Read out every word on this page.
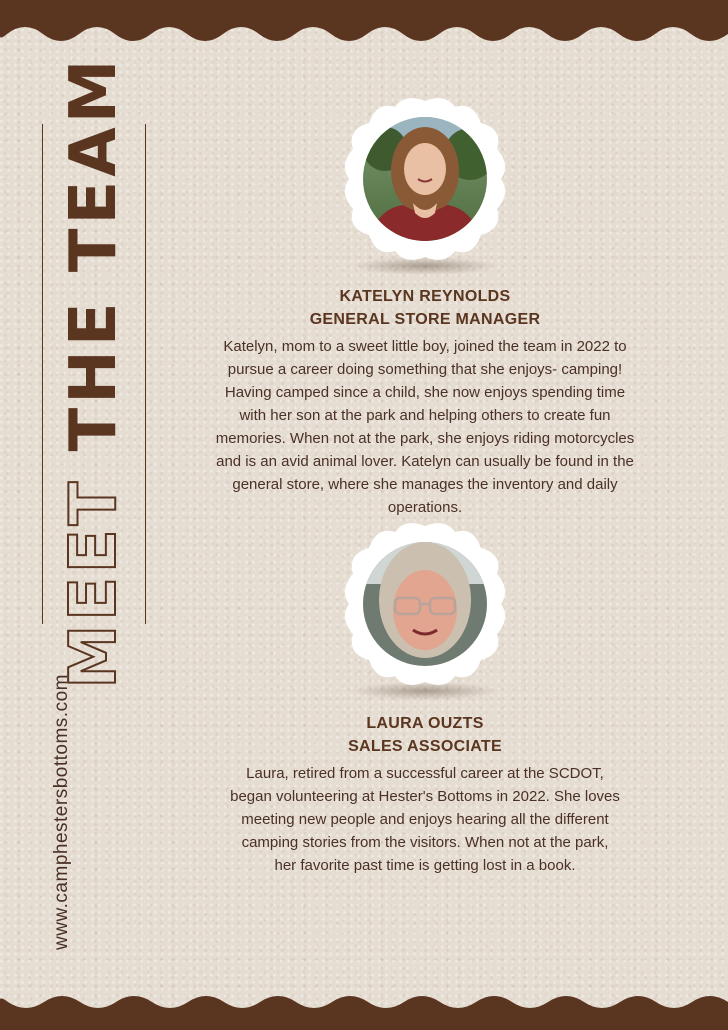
MEET THE TEAM
www.camphestersbottoms.com
KATELYN REYNOLDS
GENERAL STORE MANAGER
Katelyn, mom to a sweet little boy, joined the team in 2022 to pursue a career doing something that she enjoys- camping! Having camped since a child, she now enjoys spending time with her son at the park and helping others to create fun memories. When not at the park, she enjoys riding motorcycles and is an avid animal lover. Katelyn can usually be found in the general store, where she manages the inventory and daily operations.
LAURA OUZTS
SALES ASSOCIATE
Laura, retired from a successful career at the SCDOT, began volunteering at Hester's Bottoms in 2022. She loves meeting new people and enjoys hearing all the different camping stories from the visitors. When not at the park, her favorite past time is getting lost in a book.
